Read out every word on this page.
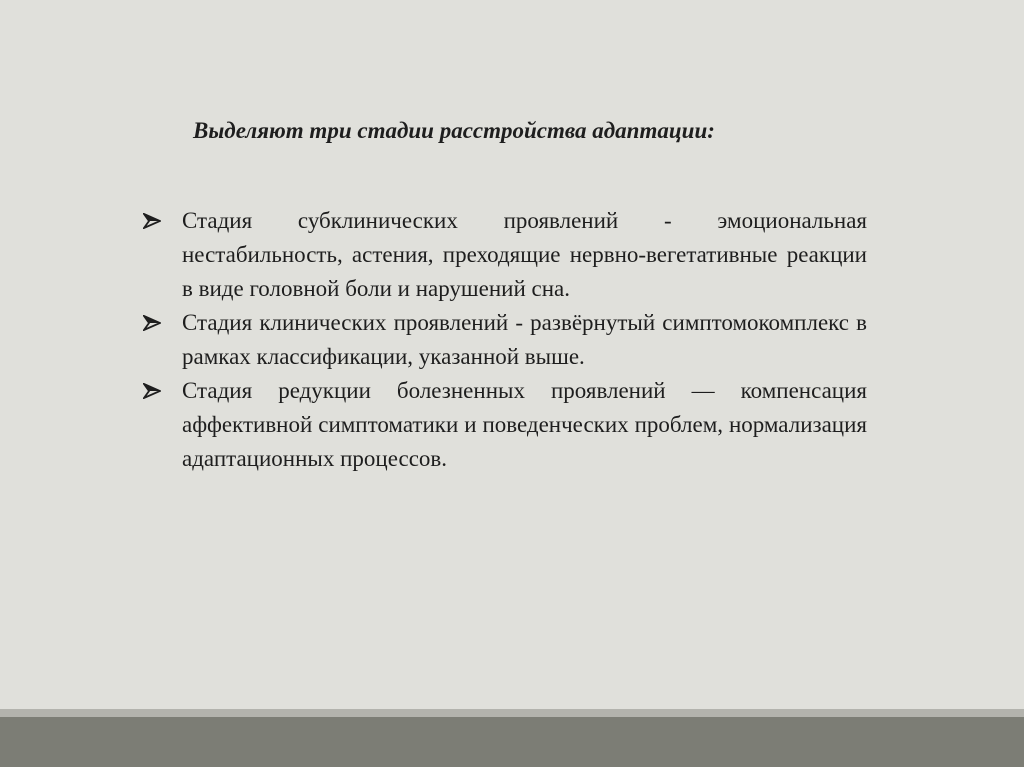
Выделяют три стадии расстройства адаптации:
Стадия субклинических проявлений - эмоциональная нестабильность, астения, преходящие нервно-вегетативные реакции в виде головной боли и нарушений сна.
Стадия клинических проявлений - развёрнутый симптомокомплекс в рамках классификации, указанной выше.
Стадия редукции болезненных проявлений — компенсация аффективной симптоматики и поведенческих проблем, нормализация адаптационных процессов.
